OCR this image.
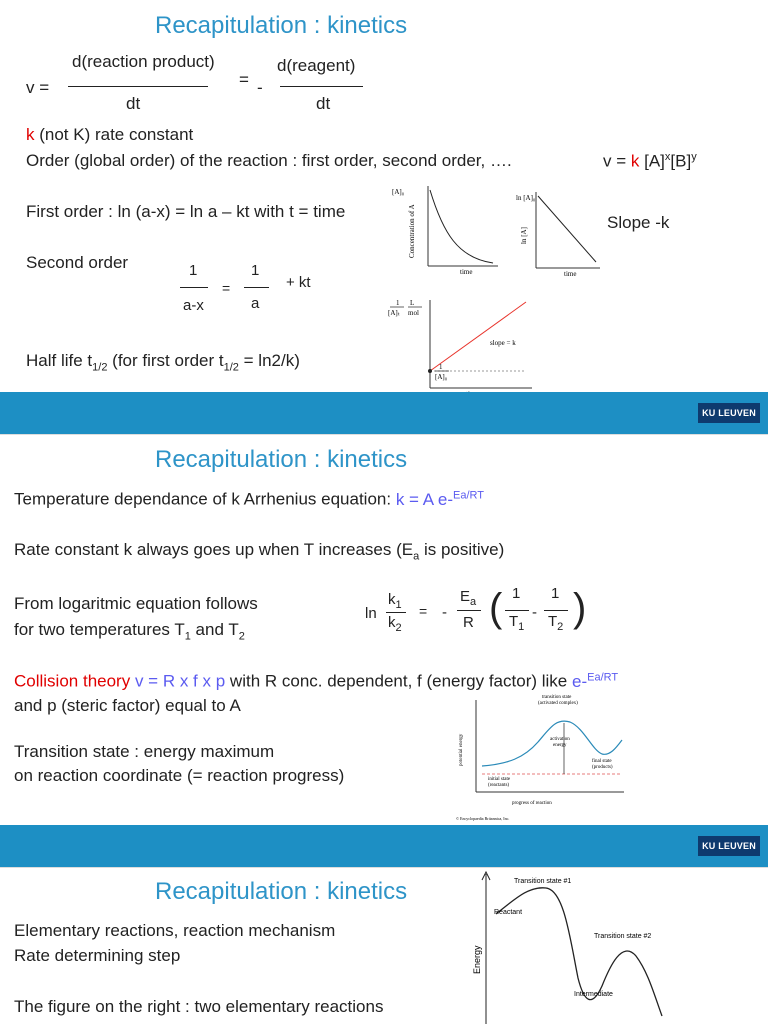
Recapitulation : kinetics
v =
d(reaction product)
dt
= -
d(reagent)
dt
k (not K) rate constant
Order (global order) of the reaction : first order, second order, ….	v = k $[A]^x[B]^y$
First order : ln (a-x) = ln a – kt with t = time
Slope -k
Second order	1
a-x
=
1
a
+ kt
Half life $t_{1/2}$ (for first order $t_{1/2} = \ln 2/k$)
[A]₀
Concentration of A
time
ln [A]₀
ln [A]
time
1
[A]ₜ
L
mol
slope = k
1
[A]₀
KU LEUVEN
Recapitulation : kinetics
Temperature dependance of k Arrhenius equation: k = A e-$^{Ea/RT}$
Rate constant k always goes up when T increases ($E_a$ is positive)
From logaritmic equation follows
for two temperatures $T_1$ and $T_2$
ln
$k_1$
$k_2$
= -
$E_a$
R ( 1
$T_1$
-
1
$T_2$ )
Collision theory v = R x f x p with R conc. dependent, f (energy factor) like e-$^{Ea/RT}$
and p (steric factor) equal to A
Transition state : energy maximum
on reaction coordinate (= reaction progress)
transition state
(activated complex)
activation
energy
initial state
(reactants)
final state
(products)
potential energy
progress of reaction
© Encyclopaedia Britannica, Inc.
KU LEUVEN
Recapitulation : kinetics
Elementary reactions, reaction mechanism
Rate determining step
The figure on the right : two elementary reactions
Transition state #1
Reactant
Transition state #2
Intermediate
Energy
